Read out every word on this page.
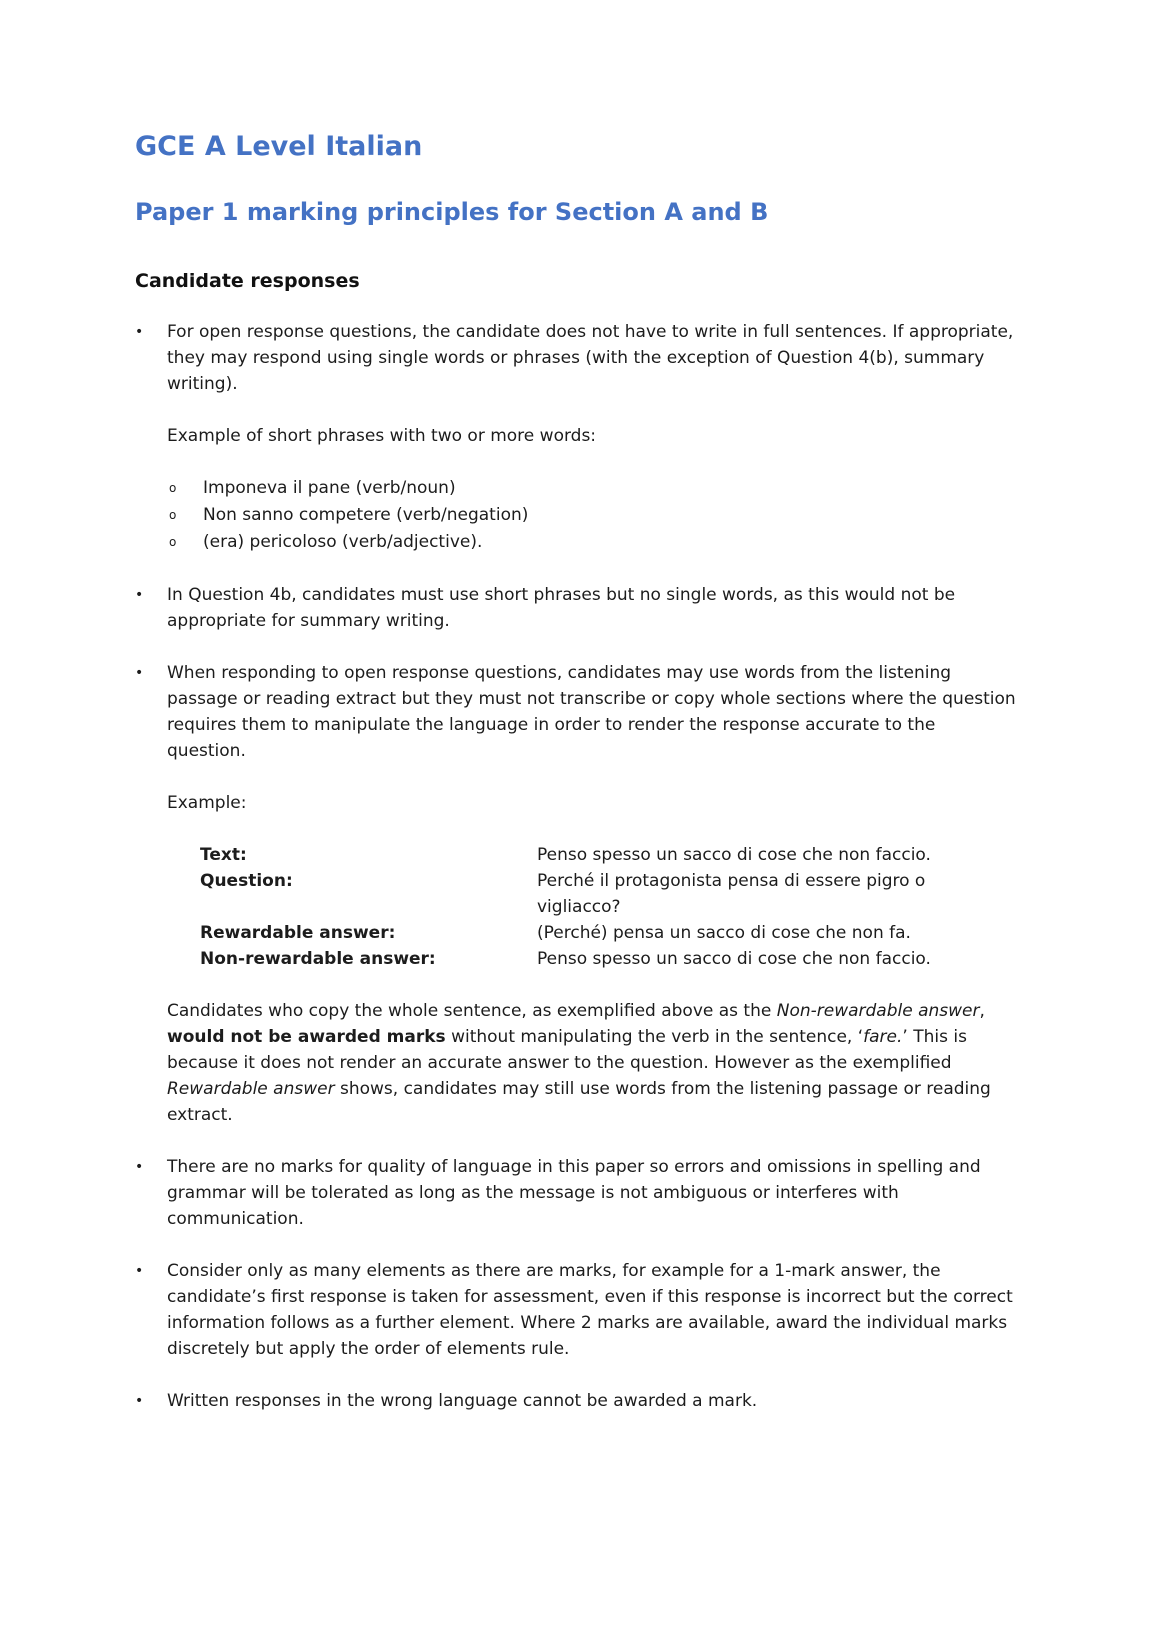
GCE A Level Italian
Paper 1 marking principles for Section A and B
Candidate responses
•	For open response questions, the candidate does not have to write in full sentences. If appropriate, they may respond using single words or phrases (with the exception of Question 4(b), summary writing).
Example of short phrases with two or more words:
o	Imponeva il pane (verb/noun)
o	Non sanno competere (verb/negation)
o	(era) pericoloso (verb/adjective).
•	In Question 4b, candidates must use short phrases but no single words, as this would not be appropriate for summary writing.
•	When responding to open response questions, candidates may use words from the listening passage or reading extract but they must not transcribe or copy whole sections where the question requires them to manipulate the language in order to render the response accurate to the question.
Example:
Text:	Penso spesso un sacco di cose che non faccio.
Question:	Perché il protagonista pensa di essere pigro o vigliacco?
Rewardable answer:	(Perché) pensa un sacco di cose che non fa.
Non-rewardable answer:	Penso spesso un sacco di cose che non faccio.
Candidates who copy the whole sentence, as exemplified above as the Non-rewardable answer, would not be awarded marks without manipulating the verb in the sentence, ‘fare.’ This is because it does not render an accurate answer to the question. However as the exemplified Rewardable answer shows, candidates may still use words from the listening passage or reading extract.
•	There are no marks for quality of language in this paper so errors and omissions in spelling and grammar will be tolerated as long as the message is not ambiguous or interferes with communication.
•	Consider only as many elements as there are marks, for example for a 1-mark answer, the candidate’s first response is taken for assessment, even if this response is incorrect but the correct information follows as a further element. Where 2 marks are available, award the individual marks discretely but apply the order of elements rule.
•	Written responses in the wrong language cannot be awarded a mark.
